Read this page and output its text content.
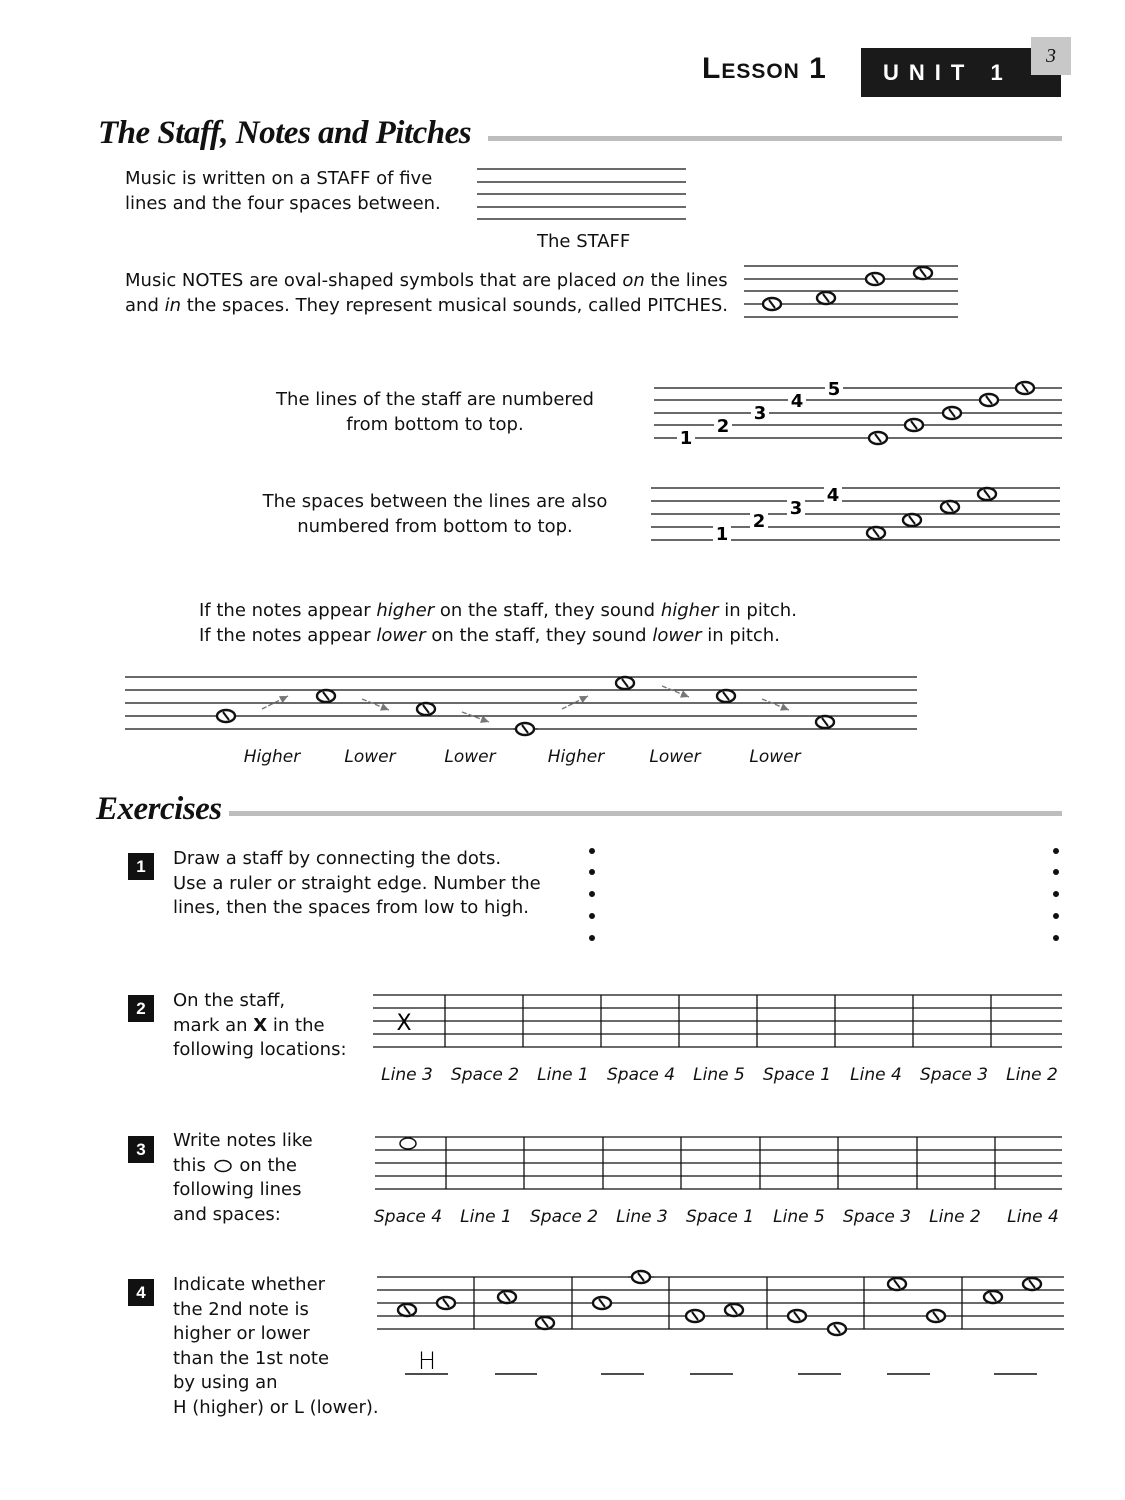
Lesson 1	UNIT 1
3
The Staff, Notes and Pitches
Music is written on a STAFF of five
lines and the four spaces between.
The STAFF
Music NOTES are oval-shaped symbols that are placed on the lines
and in the spaces. They represent musical sounds, called PITCHES.
The lines of the staff are numbered
from bottom to top.
1
2
3
4
5
The spaces between the lines are also
numbered from bottom to top.	1
2
3
4
If the notes appear higher on the staff, they sound higher in pitch.
If the notes appear lower on the staff, they sound lower in pitch.
Higher	Lower	Lower	Higher	Lower	Lower
Exercises
1	Draw a staff by connecting the dots.
Use a ruler or straight edge. Number the
lines, then the spaces from low to high.
2	On the staff,
mark an X in the
following locations:
X
Line 3	Space 2	Line 1	Space 4	Line 5	Space 1	Line 4	Space 3	Line 2
3	Write notes like
this on the
following lines
and spaces:	Space 4	Line 1	Space 2	Line 3	Space 1	Line 5	Space 3	Line 2	Line 4
4	Indicate whether
the 2nd note is
higher or lower
than the 1st note
by using an
H (higher) or L (lower).
H
